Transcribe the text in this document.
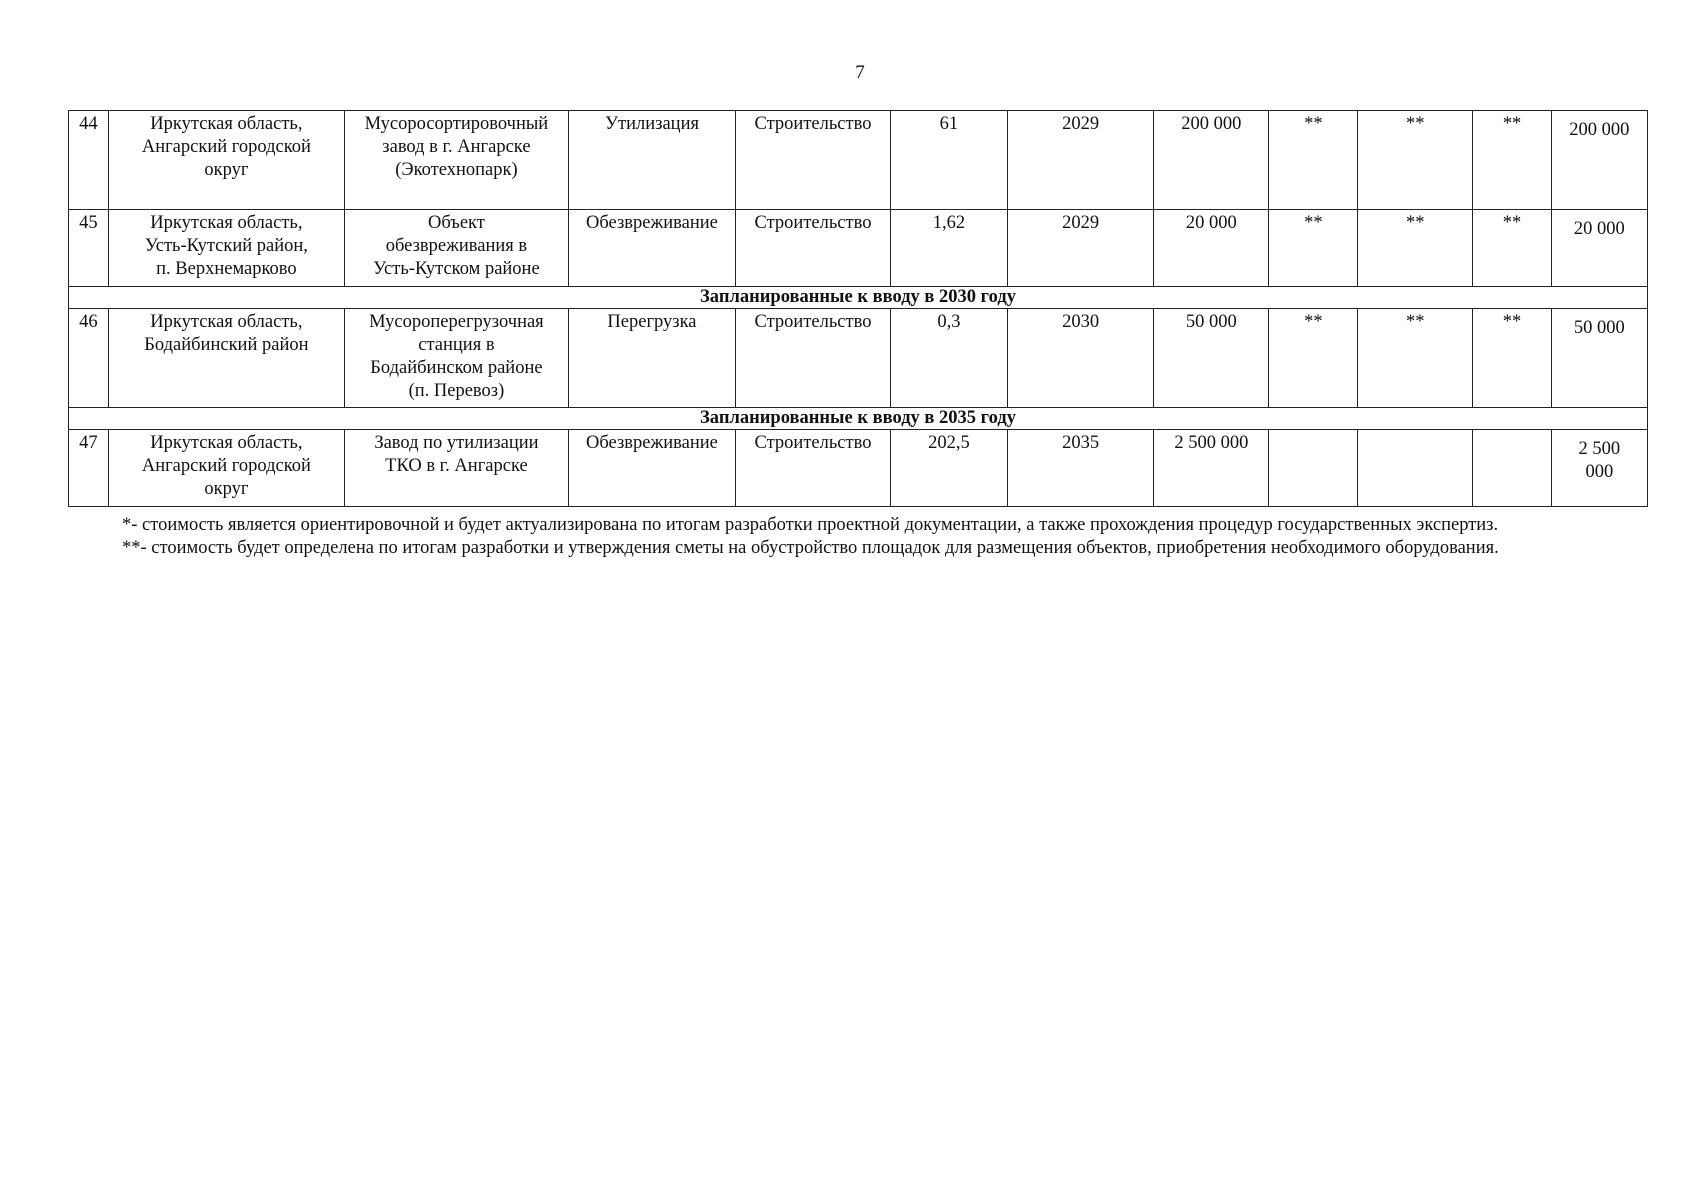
7
44	Иркутская область,
Ангарский городской
округ	Мусоросортировочный
завод в г. Ангарске
(Экотехнопарк)	Утилизация	Строительство	61	2029	200 000	**	**	**	200 000
45	Иркутская область,
Усть-Кутский район,
п. Верхнемарково	Объект
обезвреживания в
Усть-Кутском районе	Обезвреживание	Строительство	1,62	2029	20 000	**	**	**	20 000
Запланированные к вводу в 2030 году											
46	Иркутская область,
Бодайбинский район	Мусороперегрузочная
станция в
Бодайбинском районе
(п. Перевоз)	Перегрузка	Строительство	0,3	2030	50 000	**	**	**	50 000
Запланированные к вводу в 2035 году											
47	Иркутская область,
Ангарский городской
округ	Завод по утилизации
ТКО в г. Ангарске	Обезвреживание	Строительство	202,5	2035	2 500 000				2 500
000

*- стоимость является ориентировочной и будет актуализирована по итогам разработки проектной документации, а также прохождения процедур государственных экспертиз.

**- стоимость будет определена по итогам разработки и утверждения сметы на обустройство площадок для размещения объектов, приобретения необходимого оборудования.
